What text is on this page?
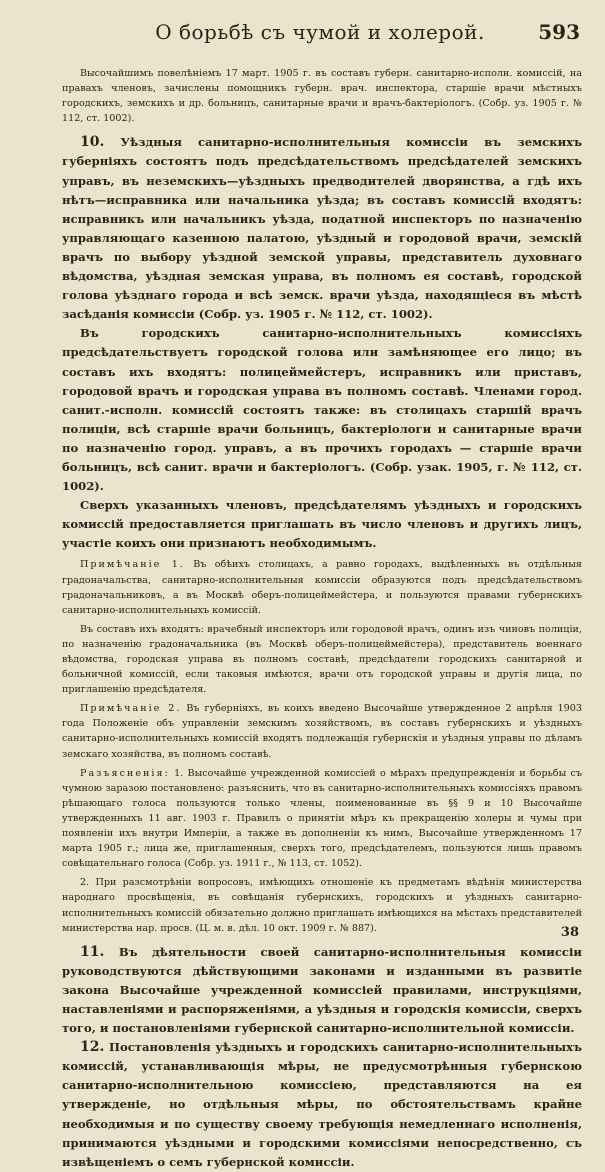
О борьбѣ съ чумой и холерой.	593

Высочайшимъ повелѣніемъ 17 март. 1905 г. въ составъ губерн. санитарно-исполн. комиссій, на правахъ членовъ, зачислены помощникъ губерн. врач. инспектора, старшіе врачи мѣстныхъ городскихъ, земскихъ и др. больницъ, санитарные врачи и врачъ-бактеріологъ. (Собр. уз. 1905 г. № 112, ст. 1002).

10. Уѣздныя санитарно-исполнительныя комиссіи въ земскихъ губерніяхъ состоятъ подъ предсѣдательствомъ предсѣдателей земскихъ управъ, въ неземскихъ—уѣздныхъ предводителей дворянства, а гдѣ ихъ нѣтъ—исправника или начальника уѣзда; въ составъ комиссій входятъ: исправникъ или начальникъ уѣзда, податной инспекторъ по назначенію управляющаго казенною палатою, уѣздный и городовой врачи, земскій врачъ по выбору уѣздной земской управы, представитель духовнаго вѣдомства, уѣздная земская управа, въ полномъ ея составѣ, городской голова уѣзднаго города и всѣ земск. врачи уѣзда, находящіеся въ мѣстѣ засѣданія комиссіи (Собр. уз. 1905 г. № 112, ст. 1002).

Въ городскихъ санитарно-исполнительныхъ комиссіяхъ предсѣдательствуетъ городской голова или замѣняющее его лицо; въ составъ ихъ входятъ: полицеймейстеръ, исправникъ или приставъ, городовой врачъ и городская управа въ полномъ составѣ. Членами город. санит.-исполн. комиссій состоятъ также: въ столицахъ старшій врачъ полиціи, всѣ старшіе врачи больницъ, бактеріологи и санитарные врачи по назначенію город. управъ, а въ прочихъ городахъ — старшіе врачи больницъ, всѣ санит. врачи и бактеріологъ. (Собр. узак. 1905, г. № 112, ст. 1002).

Сверхъ указанныхъ членовъ, предсѣдателямъ уѣздныхъ и городскихъ комиссій предоставляется приглашать въ число членовъ и другихъ лицъ, участіе коихъ они признаютъ необходимымъ.

Примѣчаніе 1. Въ обѣихъ столицахъ, а равно городахъ, выдѣленныхъ въ отдѣльныя градоначальства, санитарно-исполнительныя комиссіи образуются подъ предсѣдательствомъ градоначальниковъ, а въ Москвѣ оберъ-полицеймейстера, и пользуются правами губернскихъ санитарно-исполнительныхъ комиссій.

Въ составъ ихъ входятъ: врачебный инспекторъ или городовой врачъ, одинъ изъ чиновъ полиціи, по назначенію градоначальника (въ Москвѣ оберъ-полицеймейстера), представитель военнаго вѣдомства, городская управа въ полномъ составѣ, предсѣдатели городскихъ санитарной и больничной комиссій, если таковыя имѣются, врачи отъ городской управы и другія лица, по приглашенію предсѣдателя.

Примѣчаніе 2. Въ губерніяхъ, въ коихъ введено Высочайше утвержденное 2 апрѣля 1903 года Положеніе объ управленіи земскимъ хозяйствомъ, въ составъ губернскихъ и уѣздныхъ санитарно-исполнительныхъ комиссій входятъ подлежащія губернскія и уѣздныя управы по дѣламъ земскаго хозяйства, въ полномъ составѣ.

Разъясненія: 1. Высочайше учрежденной комиссіей о мѣрахъ предупрежденія и борьбы съ чумною заразою постановлено: разъяснить, что въ санитарно-исполнительныхъ комиссіяхъ правомъ рѣшающаго голоса пользуются только члены, поименованные въ §§ 9 и 10 Высочайше утвержденныхъ 11 авг. 1903 г. Правилъ о принятіи мѣръ къ прекращенію холеры и чумы при появленіи ихъ внутри Имперіи, а также въ дополненіи къ нимъ, Высочайше утвержденномъ 17 марта 1905 г.; лица же, приглашенныя, сверхъ того, предсѣдателемъ, пользуются лишь правомъ совѣщательнаго голоса (Собр. уз. 1911 г., № 113, ст. 1052).

2. При разсмотрѣніи вопросовъ, имѣющихъ отношеніе къ предметамъ вѣдѣнія министерства народнаго просвѣщенія, въ совѣщанія губернскихъ, городскихъ и уѣздныхъ санитарно-исполнительныхъ комиссій обязательно должно приглашать имѣющихся на мѣстахъ представителей министерства нар. просв. (Ц. м. в. дѣл. 10 окт. 1909 г. № 887).

11. Въ дѣятельности своей санитарно-исполнительныя комиссіи руководствуются дѣйствующими законами и изданными въ развитіе закона Высочайше учрежденной комиссіей правилами, инструкціями, наставленіями и распоряженіями, а уѣздныя и городскія комиссіи, сверхъ того, и постановленіями губернской санитарно-исполнительной комиссіи.

12. Постановленія уѣздныхъ и городскихъ санитарно-исполнительныхъ комиссій, устанавливающія мѣры, не предусмотрѣнныя губернскою санитарно-исполнительною комиссіею, представляются на ея утвержденіе, но отдѣльныя мѣры, по обстоятельствамъ крайне необходимыя и по существу своему требующія немедленнаго исполненія, принимаются уѣздными и городскими комиссіями непосредственно, съ извѣщеніемъ о семъ губернской комиссіи.

38
